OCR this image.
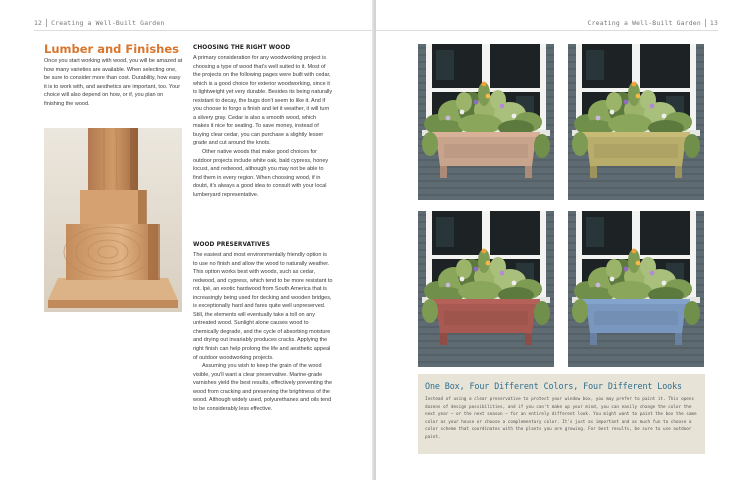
12 Creating a Well-Built Garden
Lumber and Finishes
Once you start working with wood, you will be amazed at how many varieties are available. When selecting one, be sure to consider more than cost. Durability, how easy it is to work with, and aesthetics are important, too. Your choice will also depend on how, or if, you plan on finishing the wood.
CHOOSING THE RIGHT WOOD

A primary consideration for any woodworking project is choosing a type of wood that's well suited to it. Most of the projects on the following pages were built with cedar, which is a good choice for exterior woodworking, since it is lightweight yet very durable. Besides its being naturally resistant to decay, the bugs don't seem to like it. And if you choose to forgo a finish and let it weather, it will turn a silvery gray. Cedar is also a smooth wood, which makes it nice for seating. To save money, instead of buying clear cedar, you can purchase a slightly lesser grade and cut around the knots.

Other native woods that make good choices for outdoor projects include white oak, bald cypress, honey locust, and redwood, although you may not be able to find them in every region. When choosing wood, if in doubt, it's always a good idea to consult with your local lumberyard representative.

WOOD PRESERVATIVES

The easiest and most environmentally friendly option is to use no finish and allow the wood to naturally weather. This option works best with woods, such as cedar, redwood, and cypress, which tend to be more resistant to rot. Ipé, an exotic hardwood from South America that is increasingly being used for decking and wooden bridges, is exceptionally hard and fares quite well unpreserved. Still, the elements will eventually take a toll on any untreated wood. Sunlight alone causes wood to chemically degrade, and the cycle of absorbing moisture and drying out invariably produces cracks. Applying the right finish can help prolong the life and aesthetic appeal of outdoor woodworking projects.

Assuming you wish to keep the grain of the wood visible, you'll want a clear preservative. Marine-grade varnishes yield the best results, effectively preventing the wood from cracking and preserving the brightness of the wood. Although widely used, polyurethanes and oils tend to be considerably less effective.

Creating a Well-Built Garden 13
One Box, Four Different Colors, Four Different Looks
Instead of using a clear preservative to protect your window box, you may prefer to paint it. This opens dozens of design possibilities, and if you can't make up your mind, you can easily change the color the next year — or the next season — for an entirely different look. You might want to paint the box the same color as your house or choose a complementary color. It's just as important and as much fun to choose a color scheme that coordinates with the plants you are growing. For best results, be sure to use outdoor paint.
